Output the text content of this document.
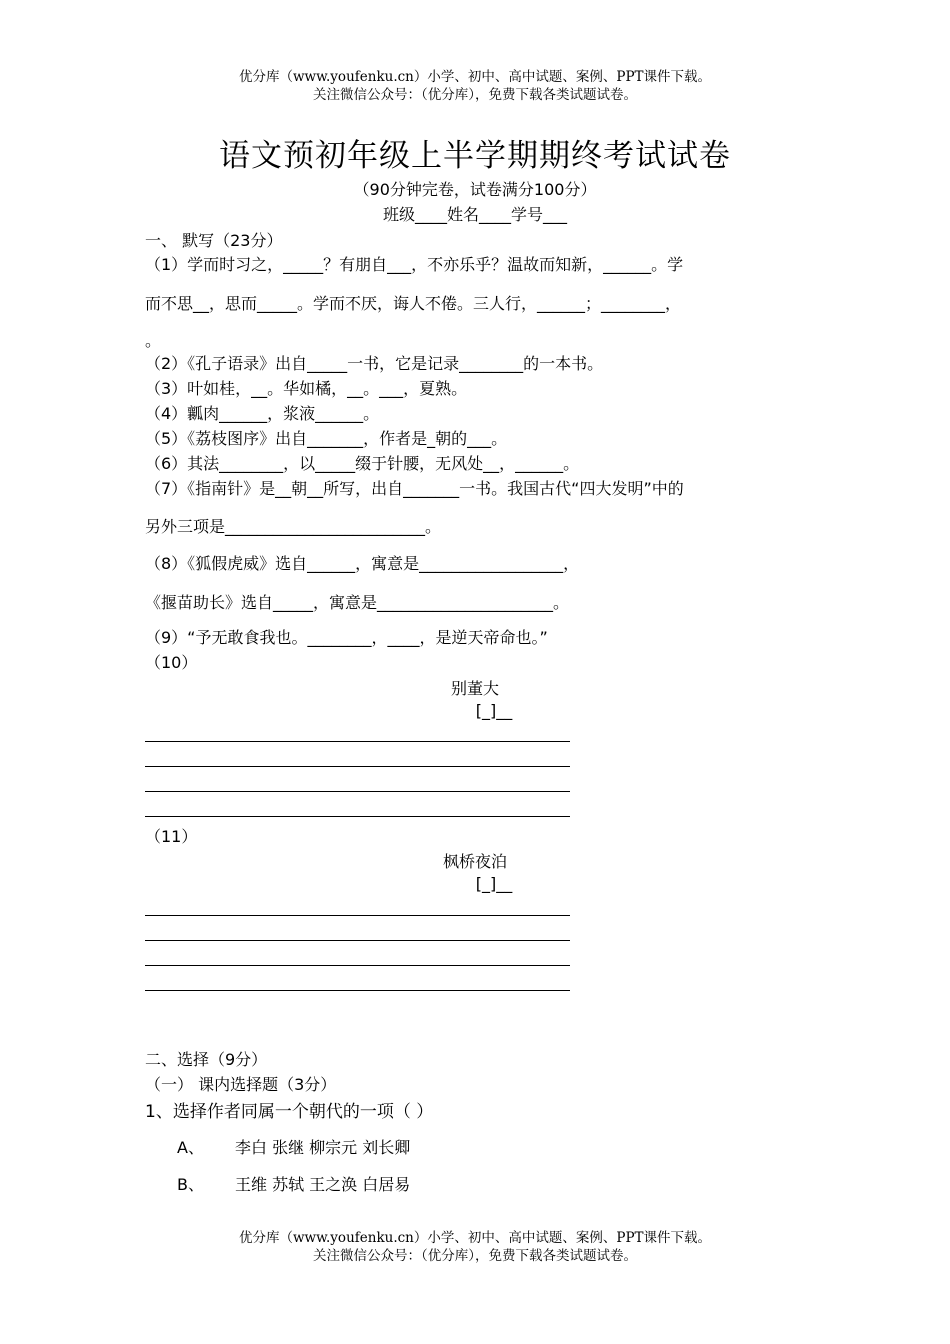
优分库（www.youfenku.cn）小学、初中、高中试题、案例、PPT课件下载。
关注微信公众号：（优分库），免费下载各类试题试卷。
语文预初年级上半学期期终考试试卷
（90分钟完卷，试卷满分100分）
班级____姓名____学号___
一、 默写（23分）
（1）学而时习之，_____？有朋自___，不亦乐乎？温故而知新，______。学
而不思__，思而_____。学而不厌，诲人不倦。三人行，______；________，
。
（2）《孔子语录》出自_____一书，它是记录________的一本书。
（3）叶如桂，__。华如橘，__。___，夏熟。
（4）瓤肉______，浆液______。
（5）《荔枝图序》出自_______，作者是_朝的___。
（6）其法________，以_____缀于针腰，无风处__，______。
（7）《指南针》是__朝__所写，出自_______一书。我国古代“四大发明”中的
另外三项是_________________________。
（8）《狐假虎威》选自______，寓意是__________________，
《揠苗助长》选自_____，寓意是______________________。
（9）“予无敢食我也。________，____，是逆天帝命也。”
（10）
别董大
[_]__
（11）
枫桥夜泊
[_]__
二、选择（9分）
（一） 课内选择题（3分）
1、选择作者同属一个朝代的一项（ ）
A、 李白 张继 柳宗元 刘长卿
B、 王维 苏轼 王之涣 白居易
优分库（www.youfenku.cn）小学、初中、高中试题、案例、PPT课件下载。
关注微信公众号：（优分库），免费下载各类试题试卷。
